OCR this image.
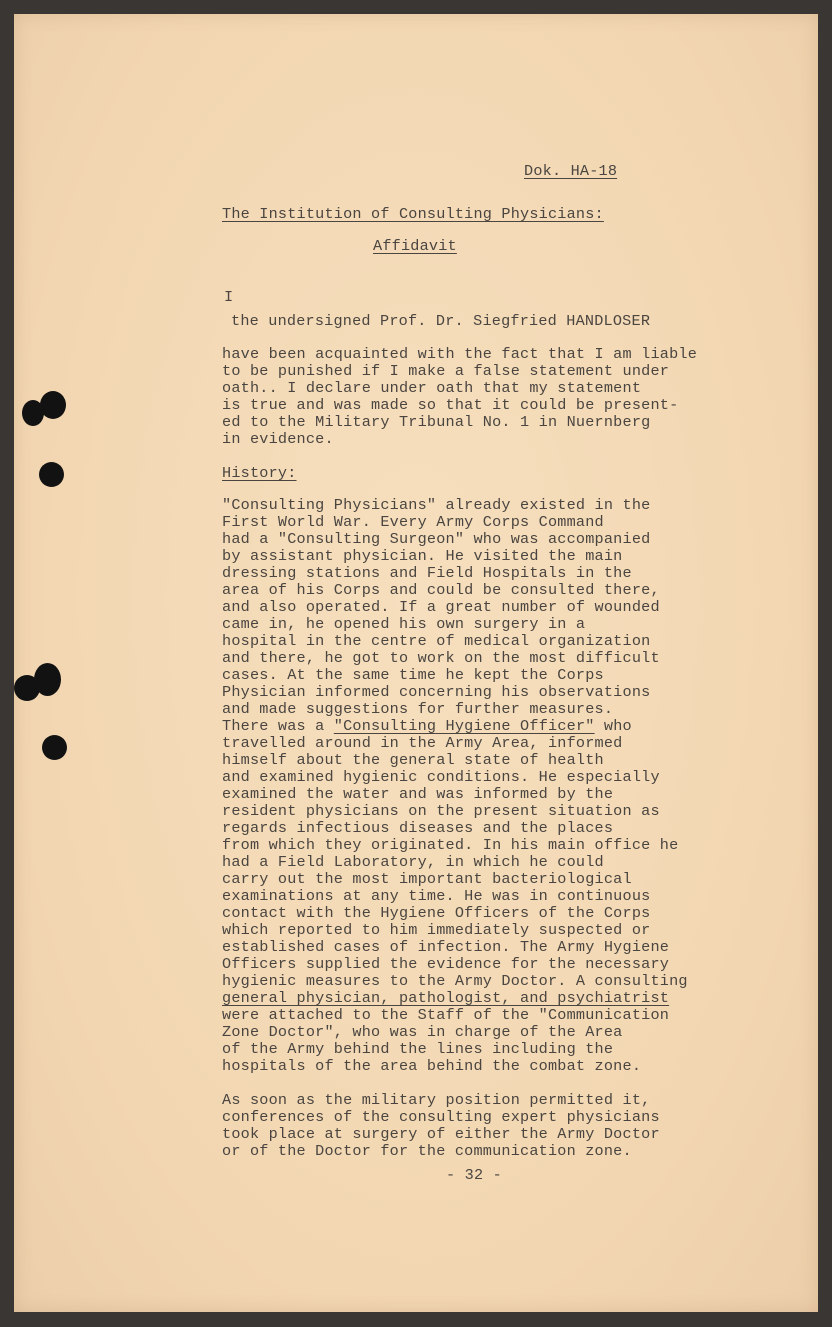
Dok. HA-18
The Institution of Consulting Physicians:
Affidavit
I
the undersigned Prof. Dr. Siegfried HANDLOSER
have been acquainted with the fact that I am liable
to be punished if I make a false statement under
oath.. I declare under oath that my statement
is true and was made so that it could be present-
ed to the Military Tribunal No. 1 in Nuernberg
in evidence.
History:
"Consulting Physicians" already existed in the
First World War. Every Army Corps Command
had a "Consulting Surgeon" who was accompanied
by assistant physician. He visited the main
dressing stations and Field Hospitals in the
area of his Corps and could be consulted there,
and also operated. If a great number of wounded
came in, he opened his own surgery in a
hospital in the centre of medical organization
and there, he got to work on the most difficult
cases. At the same time he kept the Corps
Physician informed concerning his observations
and made suggestions for further measures.
There was a "Consulting Hygiene Officer" who
travelled around in the Army Area, informed
himself about the general state of health
and examined hygienic conditions. He especially
examined the water and was informed by the
resident physicians on the present situation as
regards infectious diseases and the places
from which they originated. In his main office he
had a Field Laboratory, in which he could
carry out the most important bacteriological
examinations at any time. He was in continuous
contact with the Hygiene Officers of the Corps
which reported to him immediately suspected or
established cases of infection. The Army Hygiene
Officers supplied the evidence for the necessary
hygienic measures to the Army Doctor. A consulting
general physician, pathologist, and psychiatrist
were attached to the Staff of the "Communication
Zone Doctor", who was in charge of the Area
of the Army behind the lines including the
hospitals of the area behind the combat zone.
As soon as the military position permitted it,
conferences of the consulting expert physicians
took place at surgery of either the Army Doctor
or of the Doctor for the communication zone.
- 32 -
